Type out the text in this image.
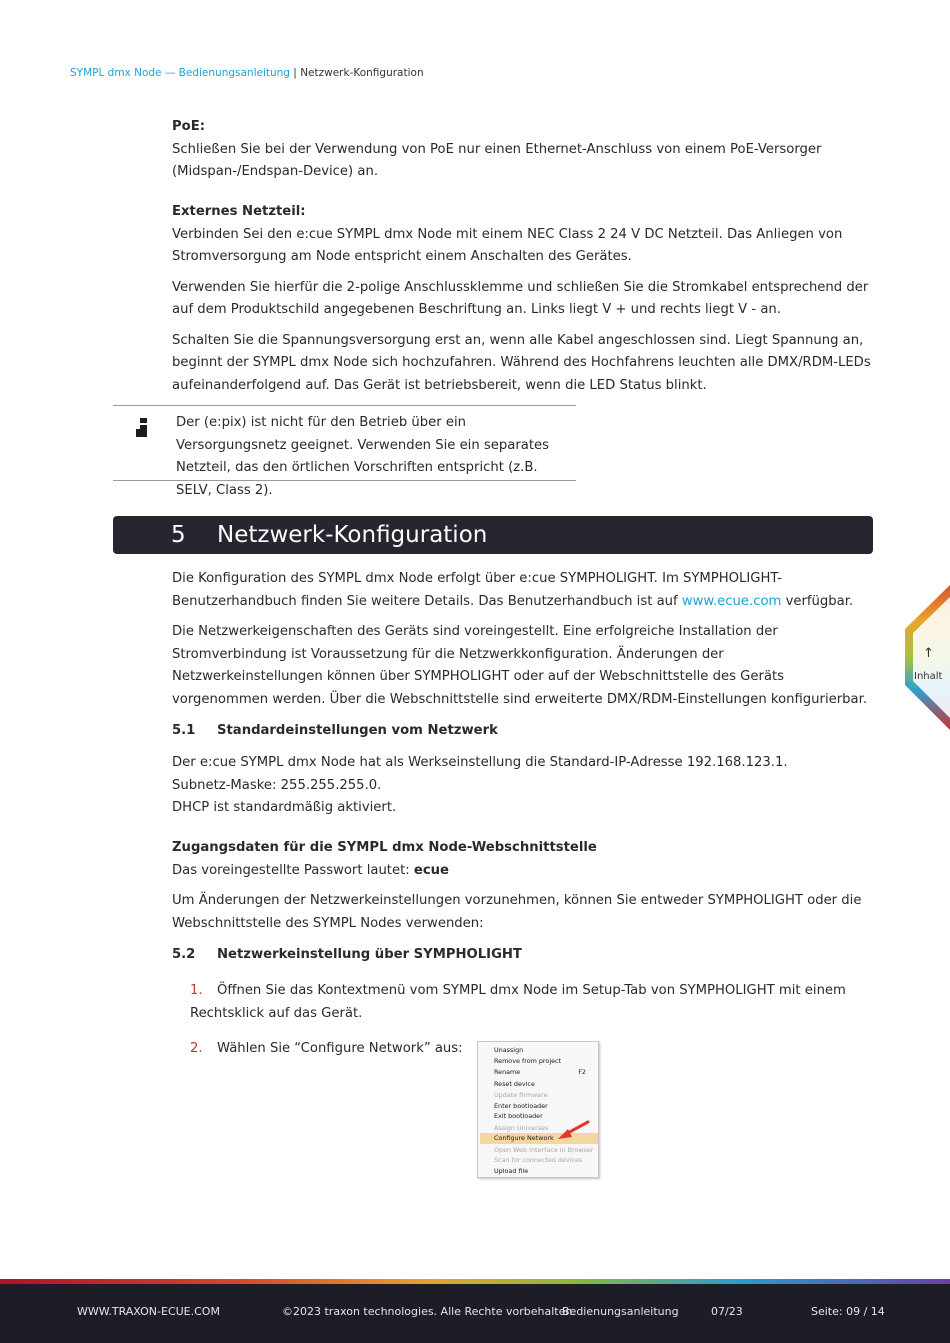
SYMPL dmx Node — Bedienungsanleitung | Netzwerk-Konfiguration

PoE:

Schließen Sie bei der Verwendung von PoE nur einen Ethernet-Anschluss von einem PoE-Versorger (Midspan-/Endspan-Device) an.

Externes Netzteil:

Verbinden Sei den e:cue SYMPL dmx Node mit einem NEC Class 2 24 V DC Netzteil. Das Anliegen von Stromversorgung am Node entspricht einem Anschalten des Gerätes.

Verwenden Sie hierfür die 2-polige Anschlussklemme und schließen Sie die Stromkabel entsprechend der auf dem Produktschild angegebenen Beschriftung an. Links liegt V + und rechts liegt V - an.

Schalten Sie die Spannungsversorgung erst an, wenn alle Kabel angeschlossen sind. Liegt Spannung an, beginnt der SYMPL dmx Node sich hochzufahren. Während des Hochfahrens leuchten alle DMX/RDM-LEDs aufeinanderfolgend auf. Das Gerät ist betriebsbereit, wenn die LED Status blinkt.

Der (e:pix) ist nicht für den Betrieb über ein Versorgungsnetz geeignet. Verwenden Sie ein separates Netzteil, das den örtlichen Vorschriften entspricht (z.B. SELV, Class 2).

5 Netzwerk-Konfiguration

Die Konfiguration des SYMPL dmx Node erfolgt über e:cue SYMPHOLIGHT. Im SYMPHOLIGHT-Benutzerhandbuch finden Sie weitere Details. Das Benutzerhandbuch ist auf www.ecue.com verfügbar.

Die Netzwerkeigenschaften des Geräts sind voreingestellt. Eine erfolgreiche Installation der Stromverbindung ist Voraussetzung für die Netzwerkkonfiguration. Änderungen der Netzwerkeinstellungen können über SYMPHOLIGHT oder auf der Webschnittstelle des Geräts vorgenommen werden. Über die Webschnittstelle sind erweiterte DMX/RDM-Einstellungen konfigurierbar.

5.1 Standardeinstellungen vom Netzwerk

Der e:cue SYMPL dmx Node hat als Werkseinstellung die Standard-IP-Adresse 192.168.123.1.

Subnetz-Maske: 255.255.255.0.

DHCP ist standardmäßig aktiviert.

Zugangsdaten für die SYMPL dmx Node-Webschnittstelle

Das voreingestellte Passwort lautet: ecue

Um Änderungen der Netzwerkeinstellungen vorzunehmen, können Sie entweder SYMPHOLIGHT oder die Webschnittstelle des SYMPL Nodes verwenden:

5.2 Netzwerkeinstellung über SYMPHOLIGHT

1. Öffnen Sie das Kontextmenü vom SYMPL dmx Node im Setup-Tab von SYMPHOLIGHT mit einem Rechtsklick auf das Gerät.

2. Wählen Sie “Configure Network” aus:	Unassign
Remove from project
Rename	F2
Reset device
Update firmware
Enter bootloader
Exit bootloader
Assign Universes
Configure Network
Open Web Interface in Browser
Scan for connected devices
Upload file
↑
Inhalt
WWW.TRAXON-ECUE.COM	©2023 traxon technologies. Alle Rechte vorbehalten.
Bedienungsanleitung	07/23	Seite: 09 / 14
